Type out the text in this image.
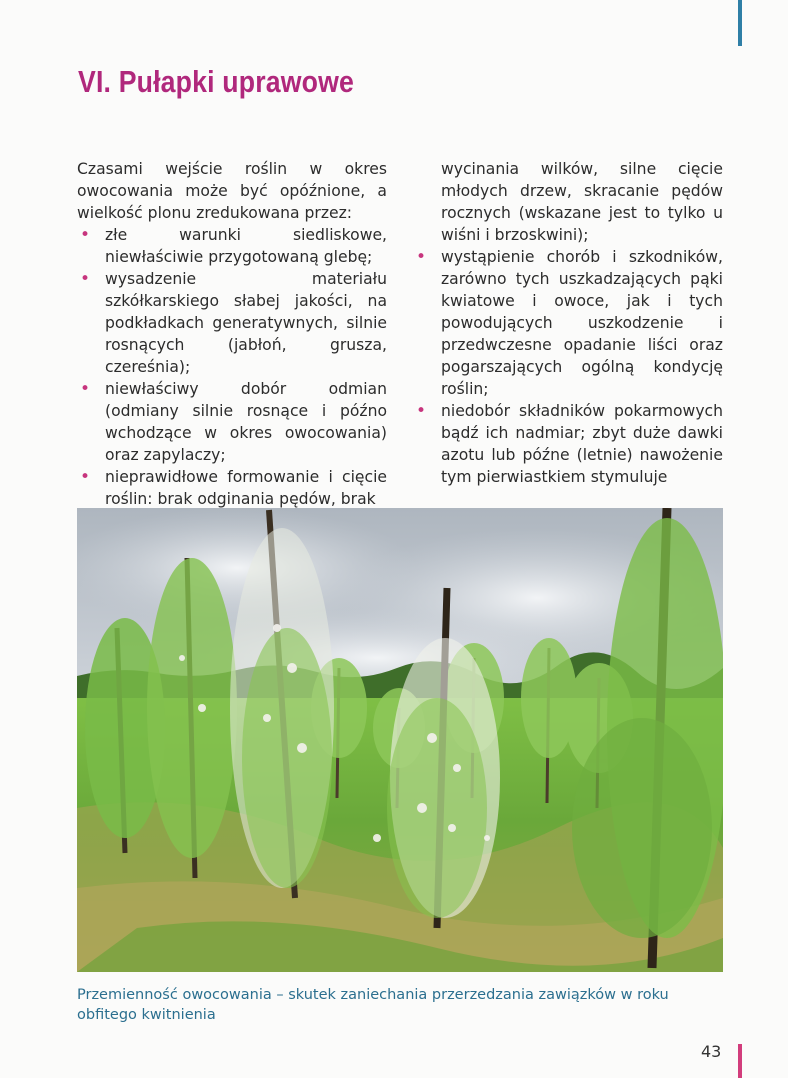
VI. Pułapki uprawowe

Czasami wejście roślin w okres owocowania może być opóźnione, a wielkość plonu zredukowana przez:

• złe warunki siedliskowe, niewłaściwie przygotowaną glebę;
• wysadzenie materiału szkółkarskiego słabej jakości, na podkładkach generatywnych, silnie rosnących (jabłoń, grusza, czereśnia);
• niewłaściwy dobór odmian (odmiany silnie rosnące i późno wchodzące w okres owocowania) oraz zapylaczy;
• nieprawidłowe formowanie i cięcie roślin: brak odginania pędów, brak
wycinania wilków, silne cięcie młodych drzew, skracanie pędów rocznych (wskazane jest to tylko u wiśni i brzoskwini);
• wystąpienie chorób i szkodników, zarówno tych uszkadzających pąki kwiatowe i owoce, jak i tych powodujących uszkodzenie i przedwczesne opadanie liści oraz pogarszających ogólną kondycję roślin;
• niedobór składników pokarmowych bądź ich nadmiar; zbyt duże dawki azotu lub późne (letnie) nawożenie tym pierwiastkiem stymuluje
Przemienność owocowania – skutek zaniechania przerzedzania zawiązków w roku obfitego kwitnienia
43
